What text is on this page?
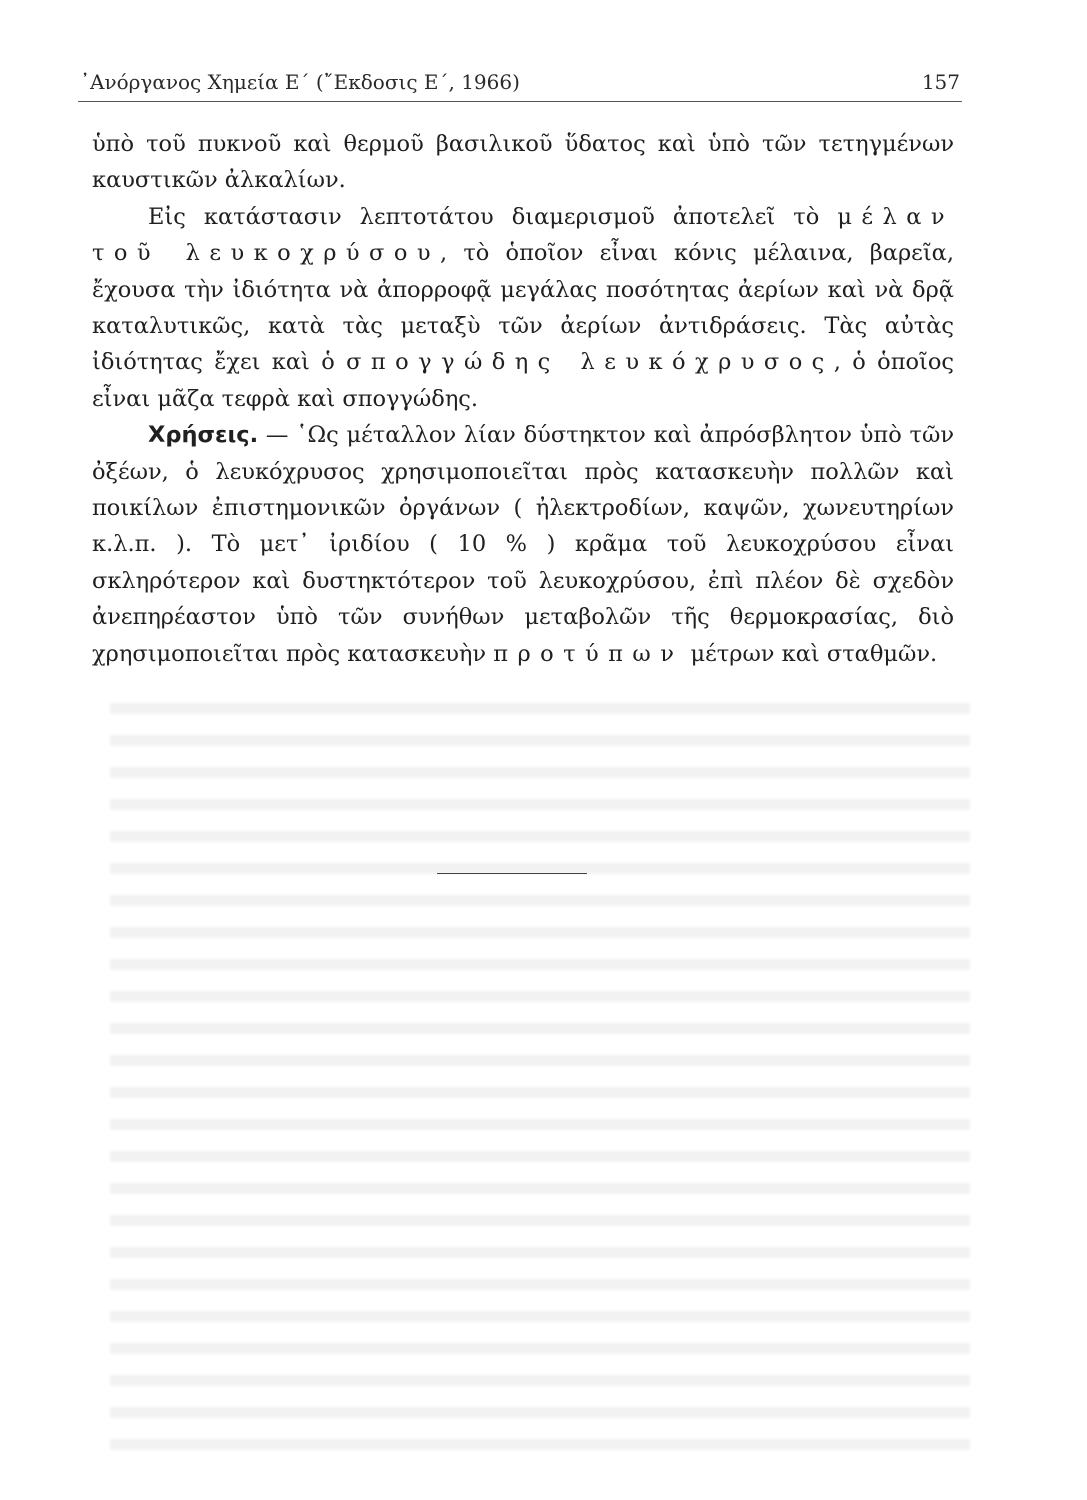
᾿Ανόργανος Χημεία Ε΄ (῎Εκδοσις Ε΄, 1966)	157

ὑπὸ τοῦ πυκνοῦ καὶ θερμοῦ βασιλικοῦ ὕδατος καὶ ὑπὸ τῶν τετηγμένων καυστικῶν ἀλκαλίων.

Εἰς κατάστασιν λεπτοτάτου διαμερισμοῦ ἀποτελεῖ τὸ μέλαν τοῦ λευκοχρύσου, τὸ ὁποῖον εἶναι κόνις μέλαινα, βαρεῖα, ἔχουσα τὴν ἰδιότητα νὰ ἀπορροφᾷ μεγάλας ποσότητας ἀερίων καὶ νὰ δρᾷ καταλυτικῶς, κατὰ τὰς μεταξὺ τῶν ἀερίων ἀντιδράσεις. Τὰς αὐτὰς ἰδιότητας ἔχει καὶ ὁ σπογγώδης λευκόχρυσος, ὁ ὁποῖος εἶναι μᾶζα τεφρὰ καὶ σπογγώδης.

Χρήσεις. — ῾Ως μέταλλον λίαν δύστηκτον καὶ ἀπρόσβλητον ὑπὸ τῶν ὀξέων, ὁ λευκόχρυσος χρησιμοποιεῖται πρὸς κατασκευὴν πολλῶν καὶ ποικίλων ἐπιστημονικῶν ὀργάνων ( ἠλεκτροδίων, καψῶν, χωνευτηρίων κ.λ.π. ). Τὸ μετ᾿ ἰριδίου ( 10 % ) κρᾶμα τοῦ λευκοχρύσου εἶναι σκληρότερον καὶ δυστηκτότερον τοῦ λευκοχρύσου, ἐπὶ πλέον δὲ σχεδὸν ἀνεπηρέαστον ὑπὸ τῶν συνήθων μεταβολῶν τῆς θερμοκρασίας, διὸ χρησιμοποιεῖται πρὸς κατασκευὴν προτύπων μέτρων καὶ σταθμῶν.
